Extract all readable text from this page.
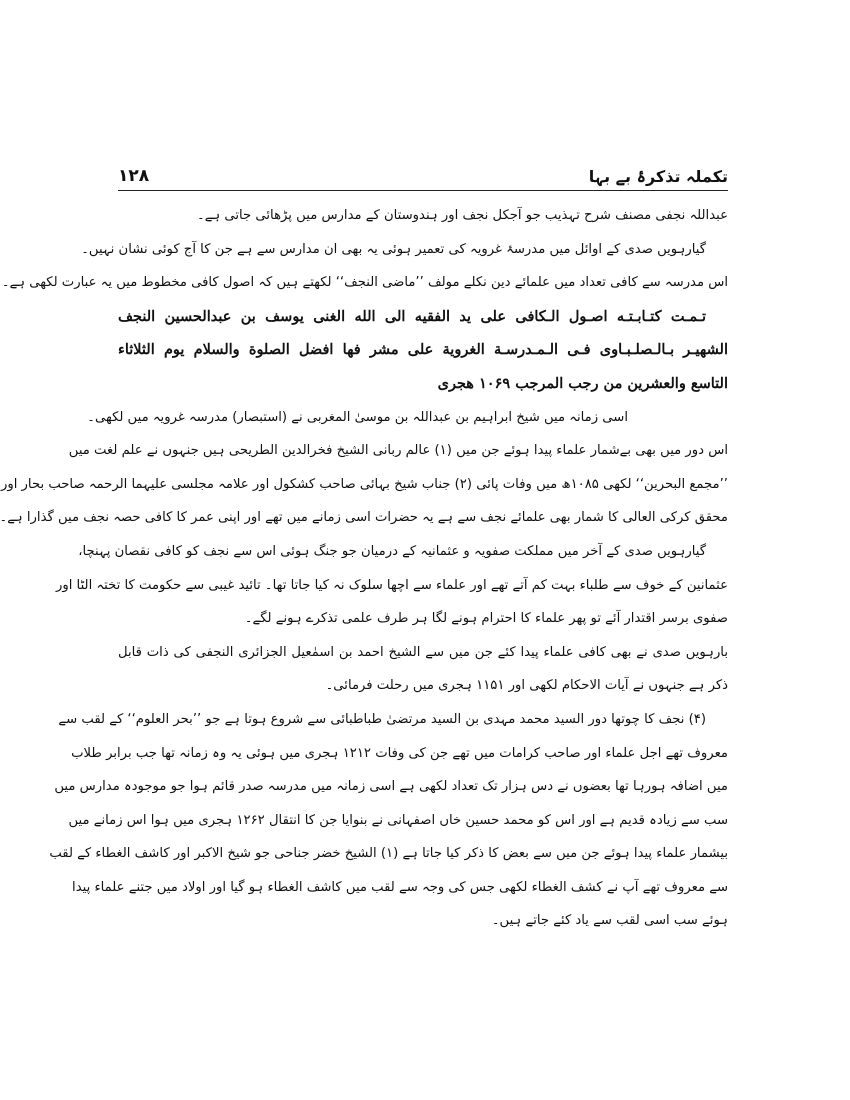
۱۲۸	تکملہ تذکرۂ بے بہا
عبداللہ نجفی مصنف شرح تہذیب جو آجکل نجف اور ہندوستان کے مدارس میں پڑھائی جاتی ہے۔
گیارہویں صدی کے اوائل میں مدرسۂ غرویہ کی تعمیر ہوئی یہ بھی ان مدارس سے ہے جن کا آج کوئی نشان نہیں۔
اس مدرسہ سے کافی تعداد میں علمائے دین نکلے مولف ’’ماضی النجف‘‘ لکھتے ہیں کہ اصول کافی مخطوط میں یہ عبارت لکھی ہے۔
تـمـت کتـابـتـه اصـول الـکافی علی ید الفقیه الی الله الغنی یوسف بن عبدالحسین النجف
الشهیـر بـالـصلـبـاوی فـی الـمـدرسـة الغرویة علی مشر فها افضل الصلوة والسلام یوم الثلاثاء
التاسع والعشرین من رجب المرجب ۱۰۶۹ هجری
اسی زمانہ میں شیخ ابراہیم بن عبداللہ بن موسیٰ المغربی نے (استبصار) مدرسہ غرویہ میں لکھی۔
اس دور میں بھی بےشمار علماء پیدا ہوئے جن میں (۱) عالم ربانی الشیخ فخرالدین الطریحی ہیں جنہوں نے علم لغت میں
’’مجمع البحرین‘‘ لکھی ۱۰۸۵ھ میں وفات پائی (۲) جناب شیخ بہائی صاحب کشکول اور علامہ مجلسی علیہما الرحمہ صاحب بحار اور
محقق کرکی العالی کا شمار بھی علمائے نجف سے ہے یہ حضرات اسی زمانے میں تھے اور اپنی عمر کا کافی حصہ نجف میں گذارا ہے۔
گیارہویں صدی کے آخر میں مملکت صفویہ و عثمانیہ کے درمیان جو جنگ ہوئی اس سے نجف کو کافی نقصان پہنچا،
عثمانین کے خوف سے طلباء بہت کم آتے تھے اور علماء سے اچھا سلوک نہ کیا جاتا تھا۔ تائید غیبی سے حکومت کا تختہ الٹا اور
صفوی برسر اقتدار آئے تو پھر علماء کا احترام ہونے لگا ہر طرف علمی تذکرے ہونے لگے۔
بارہویں صدی نے بھی کافی علماء پیدا کئے جن میں سے الشیخ احمد بن اسمٰعیل الجزائری النجفی کی ذات قابل
ذکر ہے جنہوں نے آیات الاحکام لکھی اور ۱۱۵۱ ہجری میں رحلت فرمائی۔
(۴) نجف کا چوتھا دور السید محمد مہدی بن السید مرتضیٰ طباطبائی سے شروع ہوتا ہے جو ’’بحر العلوم‘‘ کے لقب سے
معروف تھے اجل علماء اور صاحب کرامات میں تھے جن کی وفات ۱۲۱۲ ہجری میں ہوئی یہ وہ زمانہ تھا جب برابر طلاب
میں اضافہ ہورہا تھا بعضوں نے دس ہزار تک تعداد لکھی ہے اسی زمانہ میں مدرسہ صدر قائم ہوا جو موجودہ مدارس میں
سب سے زیادہ قدیم ہے اور اس کو محمد حسین خاں اصفہانی نے بنوایا جن کا انتقال ۱۲۶۲ ہجری میں ہوا اس زمانے میں
بیشمار علماء پیدا ہوئے جن میں سے بعض کا ذکر کیا جاتا ہے (۱) الشیخ خضر جناحی جو شیخ الاکبر اور کاشف الغطاء کے لقب
سے معروف تھے آپ نے کشف الغطاء لکھی جس کی وجہ سے لقب میں کاشف الغطاء ہو گیا اور اولاد میں جتنے علماء پیدا
ہوئے سب اسی لقب سے یاد کئے جاتے ہیں۔
